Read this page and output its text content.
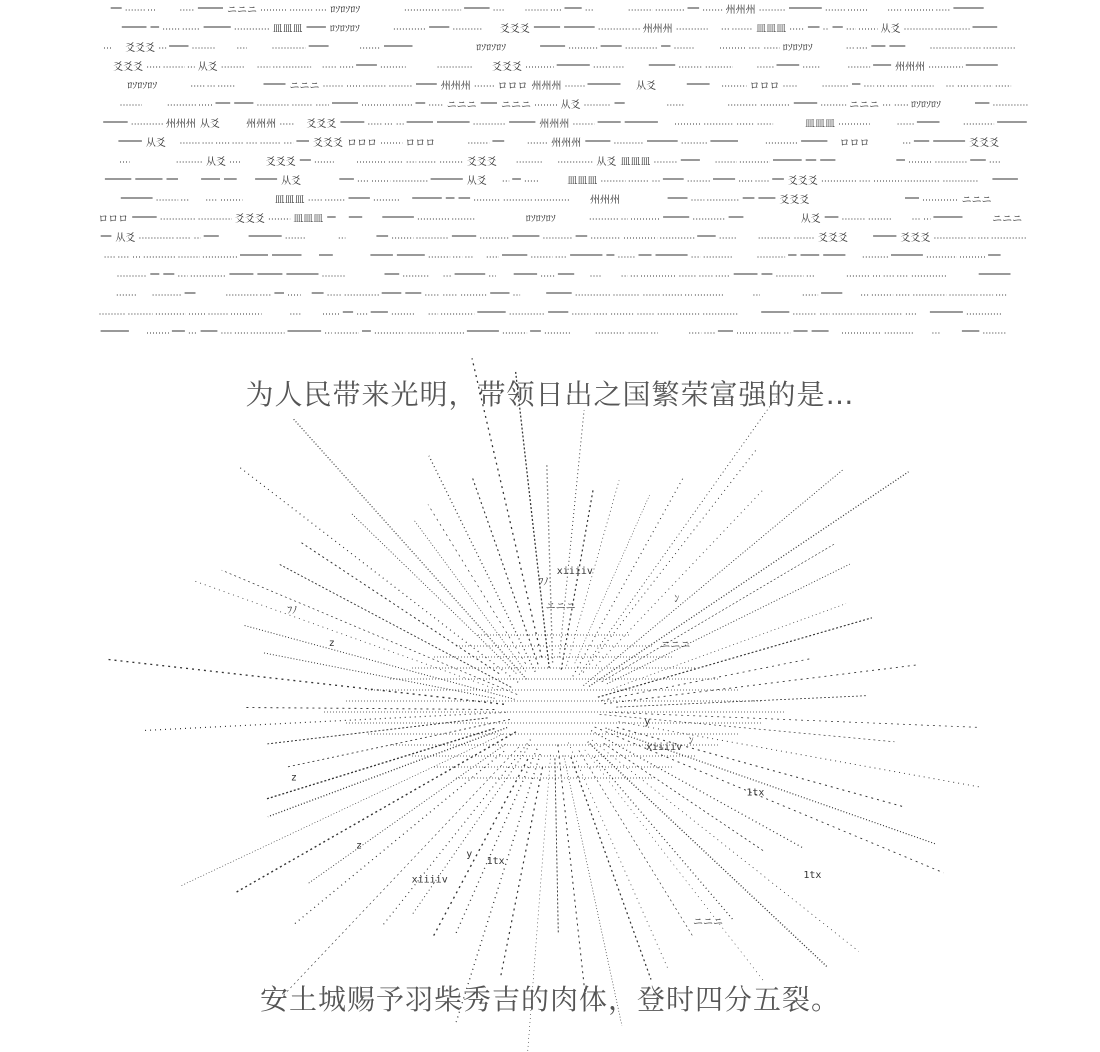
ニニニ	ﾛｿﾛｿﾛｿ	州州州
皿皿皿	ﾛｿﾛｿﾛｿ	爻爻爻	州州州	皿皿皿	从爻
爻爻爻	ﾛｿﾛｿﾛｿ	ﾛｿﾛｿﾛｿ
爻爻爻	从爻	爻爻爻	州州州
ﾛｿﾛｿﾛｿ	ニニニ	州州州	ロロロ 州州州	从爻	ロロロ
ニニニ ニニニ	从爻	ニニニ	ﾛｿﾛｿﾛｿ
州州州 从爻	州州州	爻爻爻	州州州	皿皿皿
从爻	爻爻爻 ロロロ	ロロロ	州州州	ロロロ	爻爻爻
从爻	爻爻爻	爻爻爻	从爻 皿皿皿
从爻	从爻	皿皿皿	爻爻爻
皿皿皿	州州州	爻爻爻	ニニニ
ロロロ	爻爻爻	皿皿皿	ﾛｿﾛｿﾛｿ	从爻	ニニニ
从爻	爻爻爻	爻爻爻
为人民带来光明，带领日出之国繁荣富强的是…
z
xiiiiv
ニニニ
1tx
y
ﾌﾉ
ﾝ
z
xiiiiv
ニニニ
1tx
y
ﾌﾉ
ﾝ
z
xiiiiv
ニニニ
1tx
安土城赐予羽柴秀吉的肉体，登时四分五裂。
